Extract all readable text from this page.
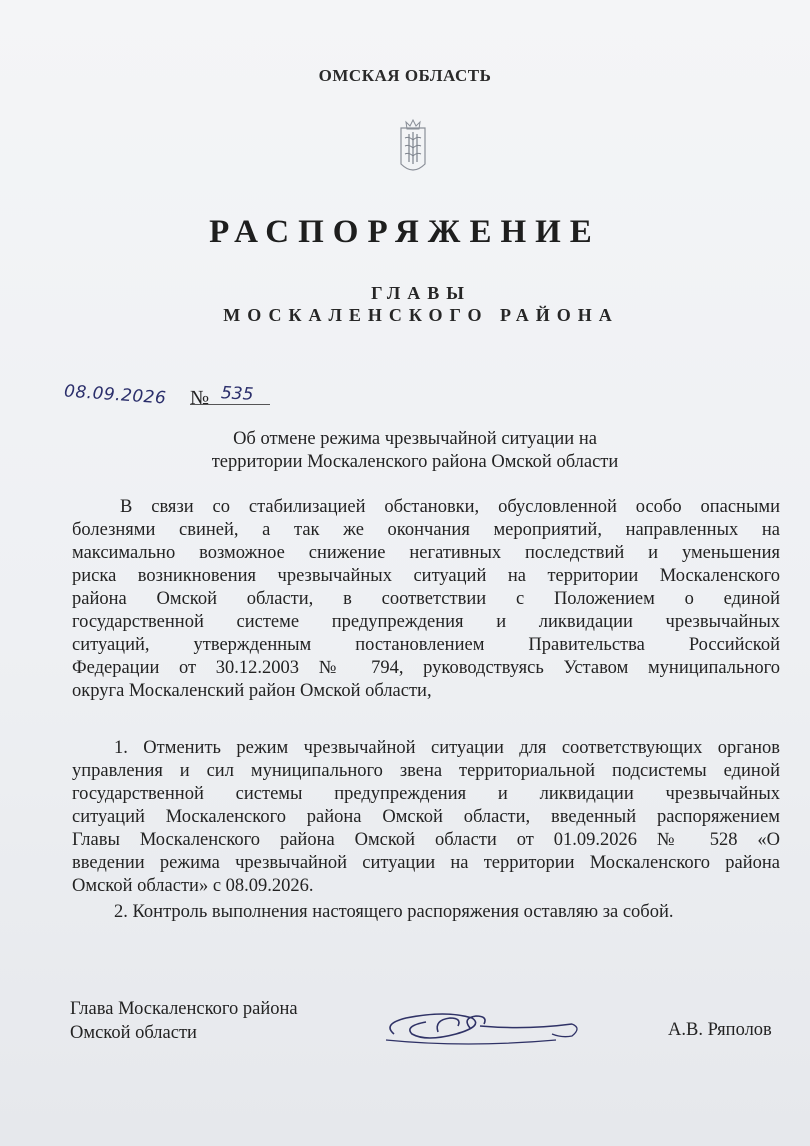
ОМСКАЯ ОБЛАСТЬ
РАСПОРЯЖЕНИЕ
ГЛАВЫ
МОСКАЛЕНСКОГО РАЙОНА
08.09.2026 № 535
Об отмене режима чрезвычайной ситуации на
территории Москаленского района Омской области
В связи со стабилизацией обстановки, обусловленной особо опасными
болезнями свиней, а так же окончания мероприятий, направленных на
максимально возможное снижение негативных последствий и уменьшения
риска возникновения чрезвычайных ситуаций на территории Москаленского
района Омской области, в соответствии с Положением о единой
государственной системе предупреждения и ликвидации чрезвычайных
ситуаций, утвержденным постановлением Правительства Российской
Федерации от 30.12.2003 № 794, руководствуясь Уставом муниципального
округа Москаленский район Омской области,
1. Отменить режим чрезвычайной ситуации для соответствующих органов
управления и сил муниципального звена территориальной подсистемы единой
государственной системы предупреждения и ликвидации чрезвычайных
ситуаций Москаленского района Омской области, введенный распоряжением
Главы Москаленского района Омской области от 01.09.2026 № 528 «О
введении режима чрезвычайной ситуации на территории Москаленского района
Омской области» с 08.09.2026.
2. Контроль выполнения настоящего распоряжения оставляю за собой.
Глава Москаленского района
Омской области	А.В. Ряполов
